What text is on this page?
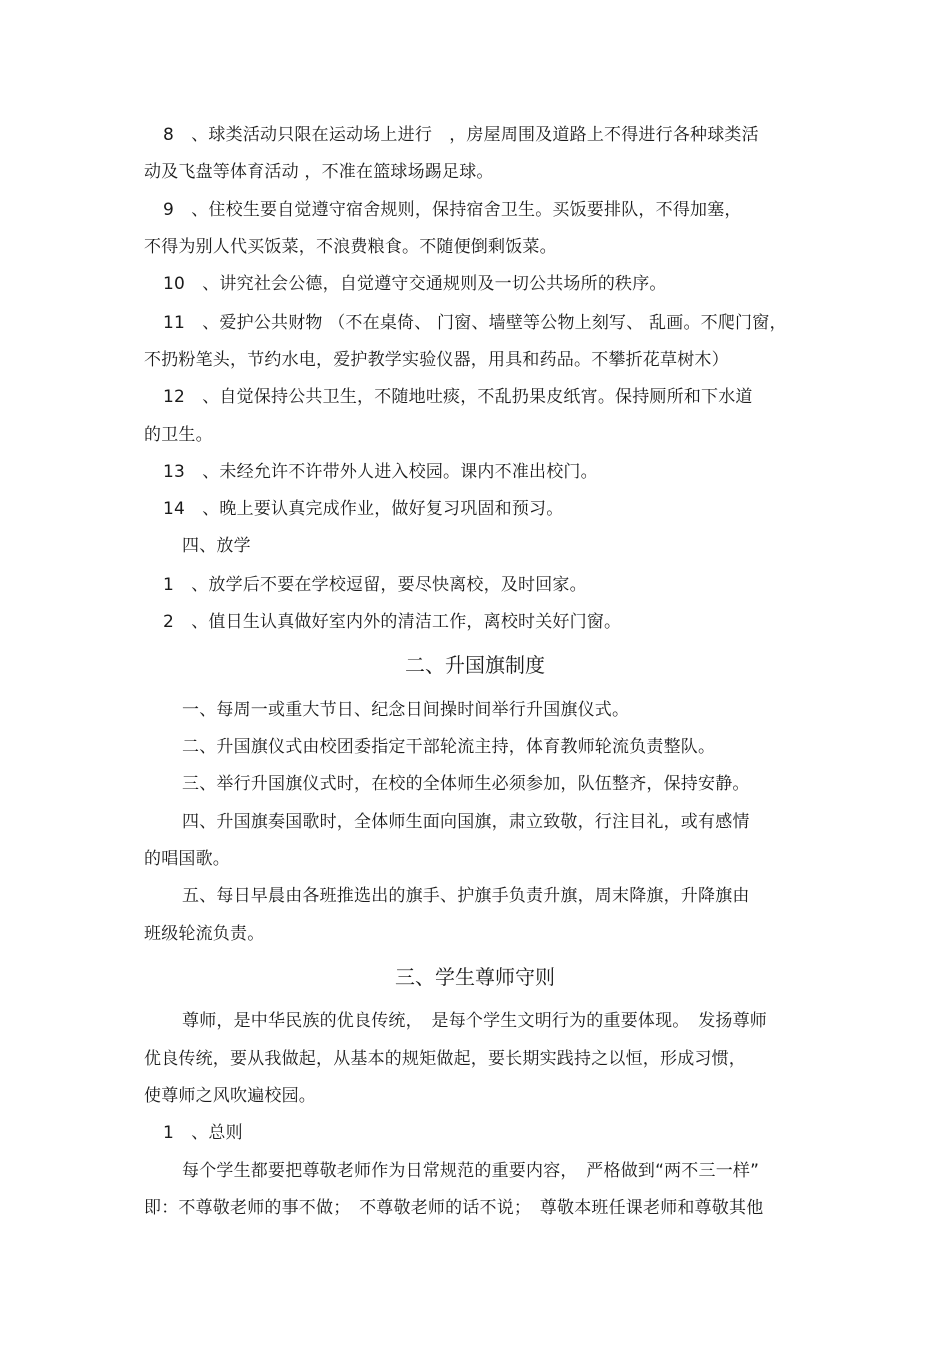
8　、球类活动只限在运动场上进行　，房屋周围及道路上不得进行各种球类活
动及飞盘等体育活动 ，不准在篮球场踢足球。
9　、住校生要自觉遵守宿舍规则，保持宿舍卫生。买饭要排队，不得加塞，
不得为别人代买饭菜，不浪费粮食。不随便倒剩饭菜。
10　、讲究社会公德，自觉遵守交通规则及一切公共场所的秩序。
11　、爱护公共财物 （不在桌倚、 门窗、墙壁等公物上刻写、 乱画。不爬门窗，
不扔粉笔头，节约水电，爱护教学实验仪器，用具和药品。不攀折花草树木）
12　、自觉保持公共卫生，不随地吐痰，不乱扔果皮纸宵。保持厕所和下水道
的卫生。
13　、未经允许不许带外人进入校园。课内不准出校门。
14　、晚上要认真完成作业，做好复习巩固和预习。
四、放学
1　、放学后不要在学校逗留，要尽快离校，及时回家。
2　、值日生认真做好室内外的清洁工作，离校时关好门窗。
二、升国旗制度
一、每周一或重大节日、纪念日间操时间举行升国旗仪式。
二、升国旗仪式由校团委指定干部轮流主持，体育教师轮流负责整队。
三、举行升国旗仪式时，在校的全体师生必须参加，队伍整齐，保持安静。
四、升国旗奏国歌时，全体师生面向国旗，肃立致敬，行注目礼，或有感情
的唱国歌。
五、每日早晨由各班推选出的旗手、护旗手负责升旗，周末降旗，升降旗由
班级轮流负责。
三、学生尊师守则
尊师，是中华民族的优良传统，　是每个学生文明行为的重要体现。　发扬尊师
优良传统，要从我做起，从基本的规矩做起，要长期实践持之以恒，形成习惯，
使尊师之风吹遍校园。
1　、总则
每个学生都要把尊敬老师作为日常规范的重要内容，　严格做到“两不三一样”
即：不尊敬老师的事不做；　不尊敬老师的话不说；　尊敬本班任课老师和尊敬其他
